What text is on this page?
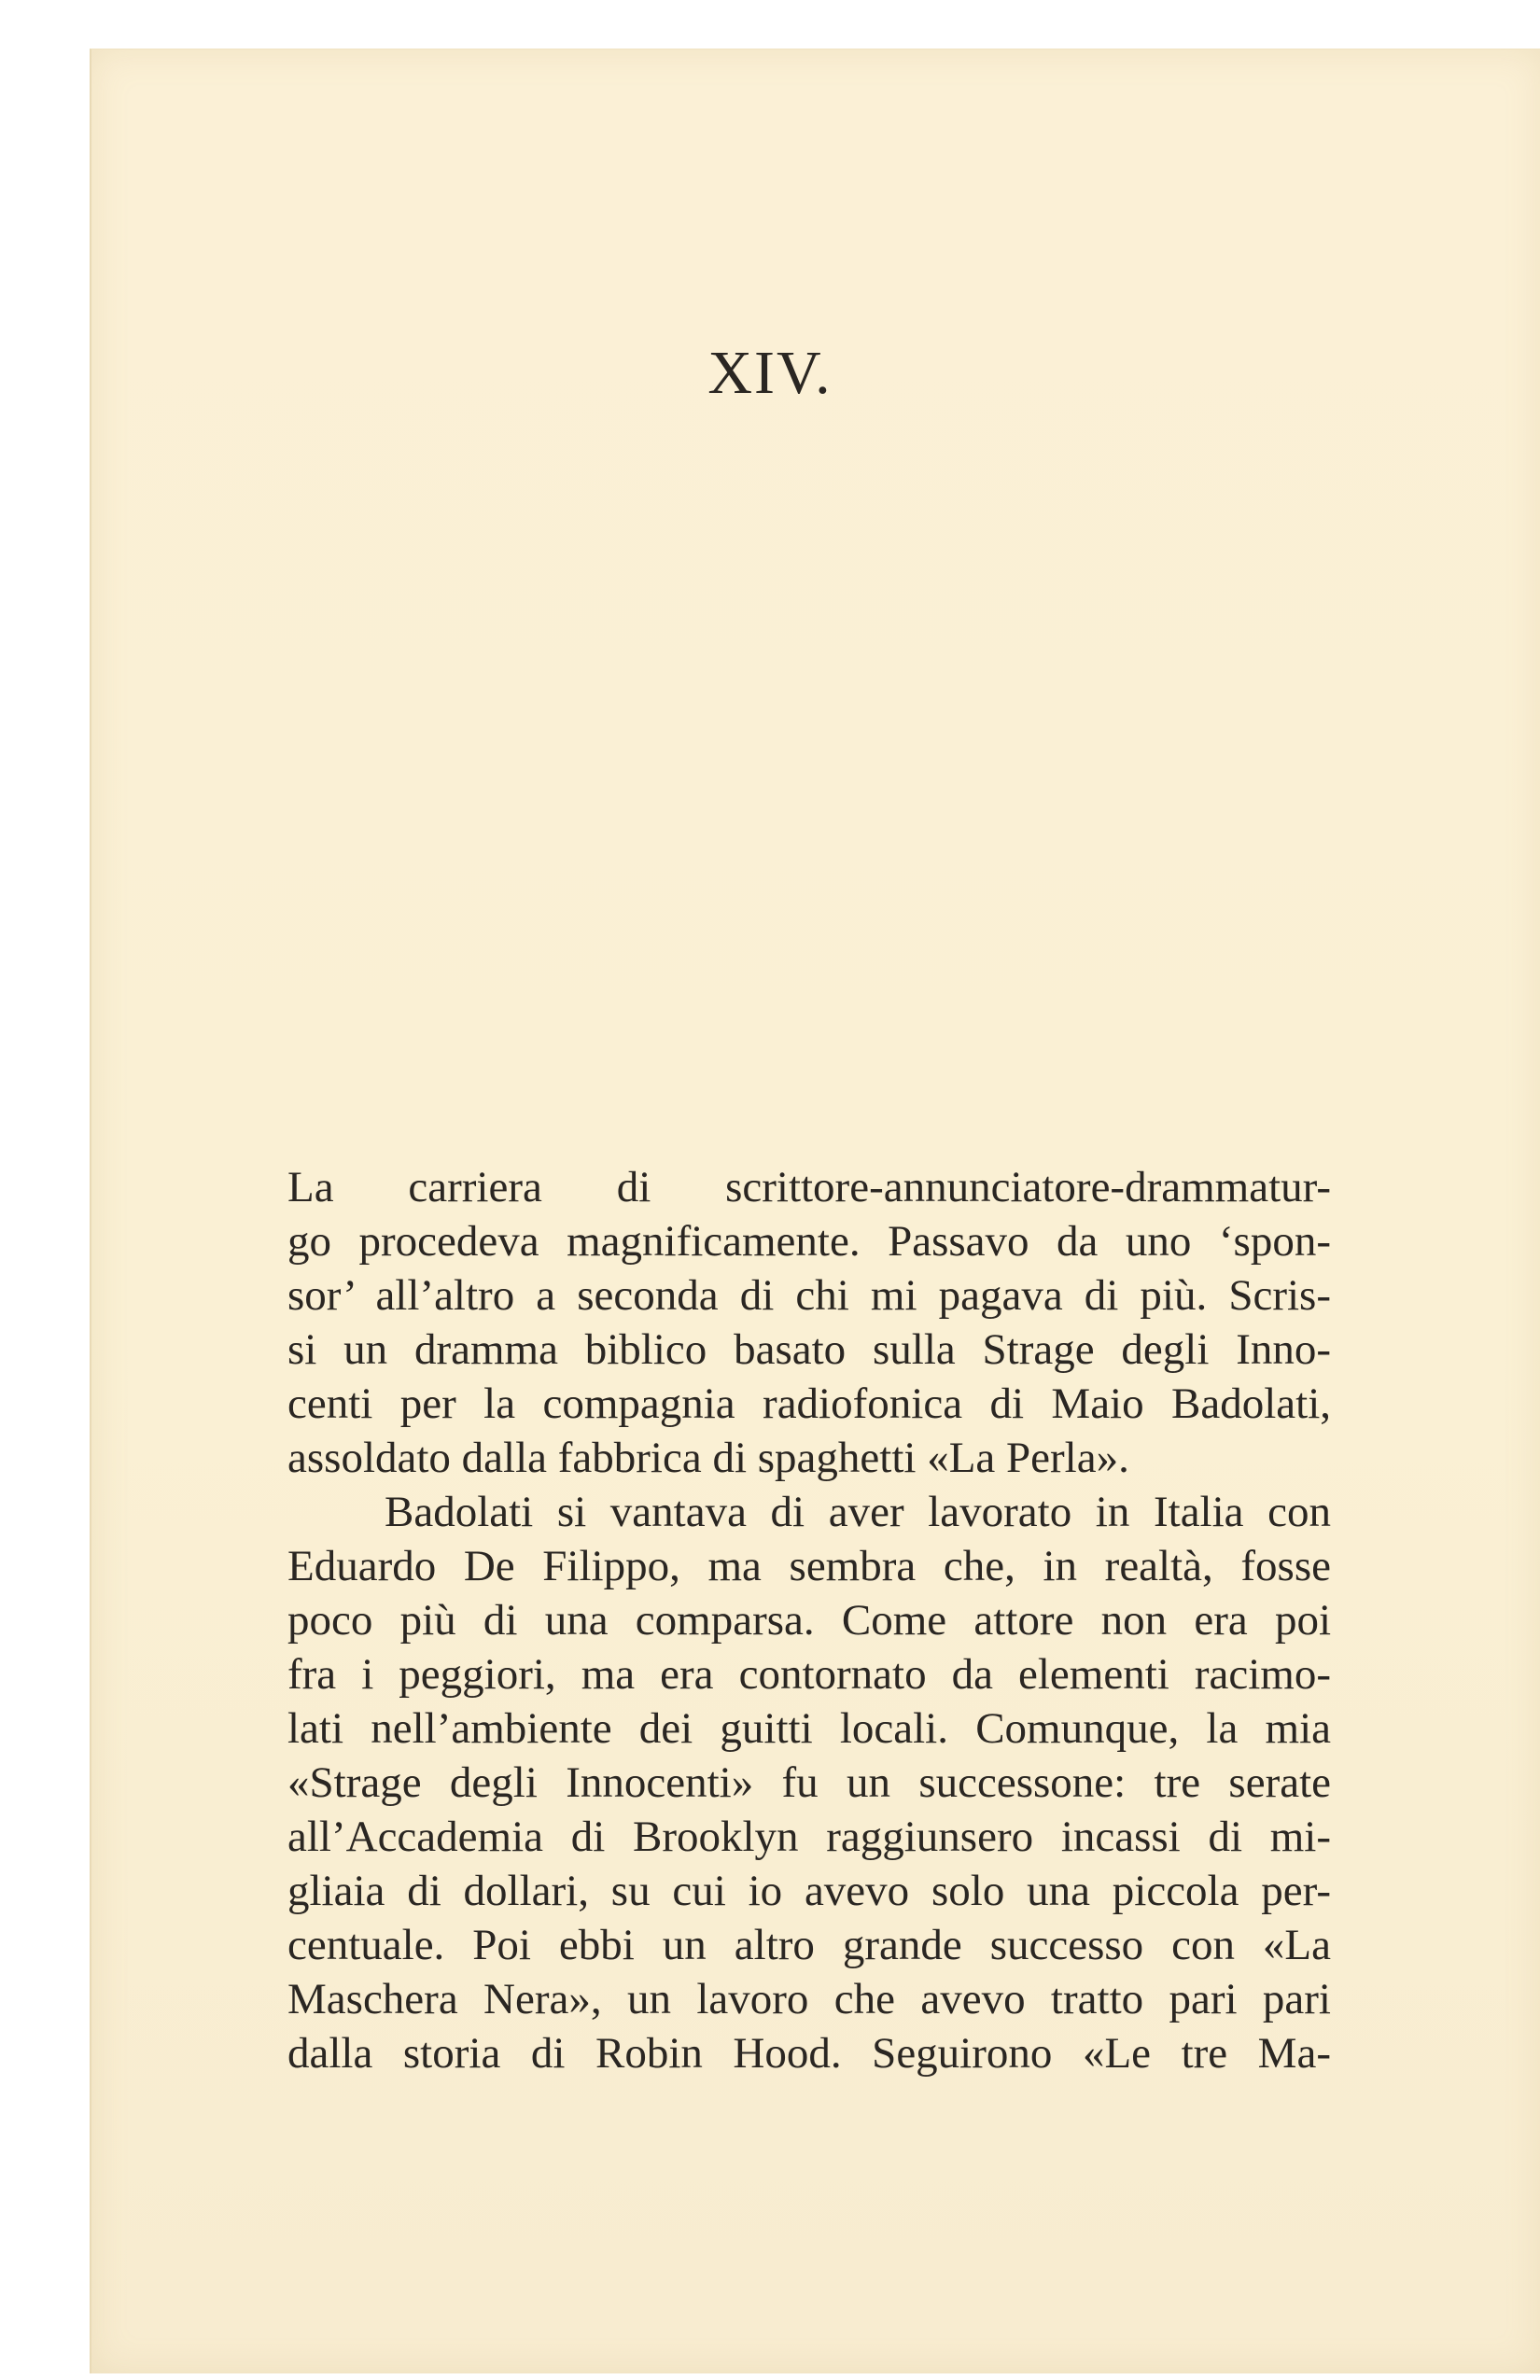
XIV.
La carriera di scrittore-annunciatore-drammatur-
go procedeva magnificamente. Passavo da uno ‘spon-
sor’ all’altro a seconda di chi mi pagava di più. Scris-
si un dramma biblico basato sulla Strage degli Inno-
centi per la compagnia radiofonica di Maio Badolati,
assoldato dalla fabbrica di spaghetti «La Perla».
Badolati si vantava di aver lavorato in Italia con
Eduardo De Filippo, ma sembra che, in realtà, fosse
poco più di una comparsa. Come attore non era poi
fra i peggiori, ma era contornato da elementi racimo-
lati nell’ambiente dei guitti locali. Comunque, la mia
«Strage degli Innocenti» fu un successone: tre serate
all’Accademia di Brooklyn raggiunsero incassi di mi-
gliaia di dollari, su cui io avevo solo una piccola per-
centuale. Poi ebbi un altro grande successo con «La
Maschera Nera», un lavoro che avevo tratto pari pari
dalla storia di Robin Hood. Seguirono «Le tre Ma-
